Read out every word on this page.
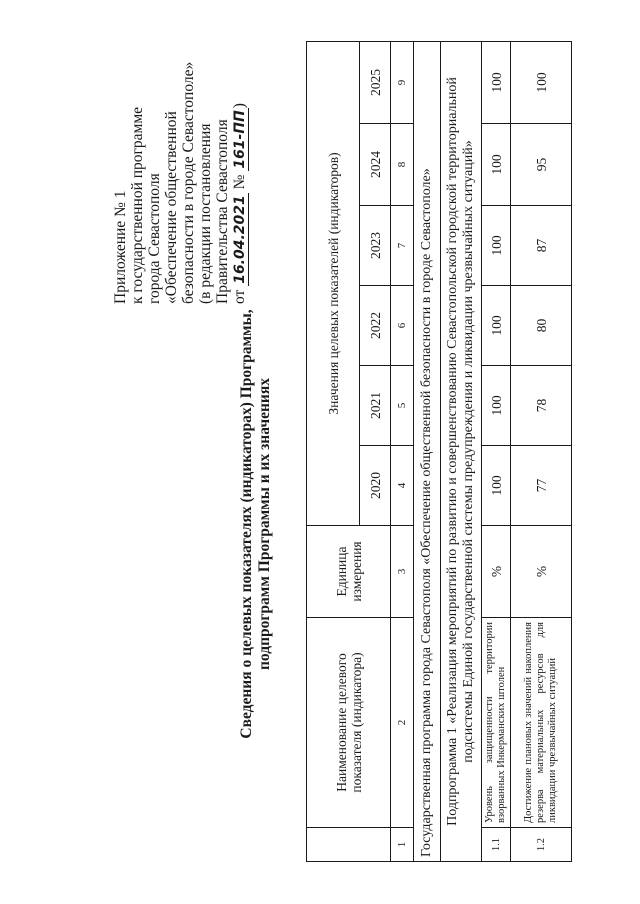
Приложение № 1 к государственной программе города Севастополя «Обеспечение общественной безопасности в городе Севастополе» (в редакции постановления Правительства Севастополя от 16.04.2021 № 161-ПП)
Сведения о целевых показателях (индикаторах) Программы, подпрограмм Программы и их значениях
	Наименование целевого показателя (индикатора)	Единица измерения	Значения целевых показателей (индикаторов)					
			2020	2021	2022	2023	2024	2025
1	2	3	4	5	6	7	8	9
Государственная программа города Севастополя «Обеспечение общественной безопасности в городе Севастополе»								
Подпрограмма 1 «Реализация мероприятий по развитию и совершенствованию Севастопольской городской территориальной подсистемы Единой государственной системы предупреждения и ликвидации чрезвычайных ситуаций»								
1.1	Уровень защищенности территории взорванных Инкерманских штолен	%	100	100	100	100	100	100
1.2	Достижение плановых значений накопления резерва материальных ресурсов для ликвидации чрезвычайных ситуаций	%	77	78	80	87	95	100
